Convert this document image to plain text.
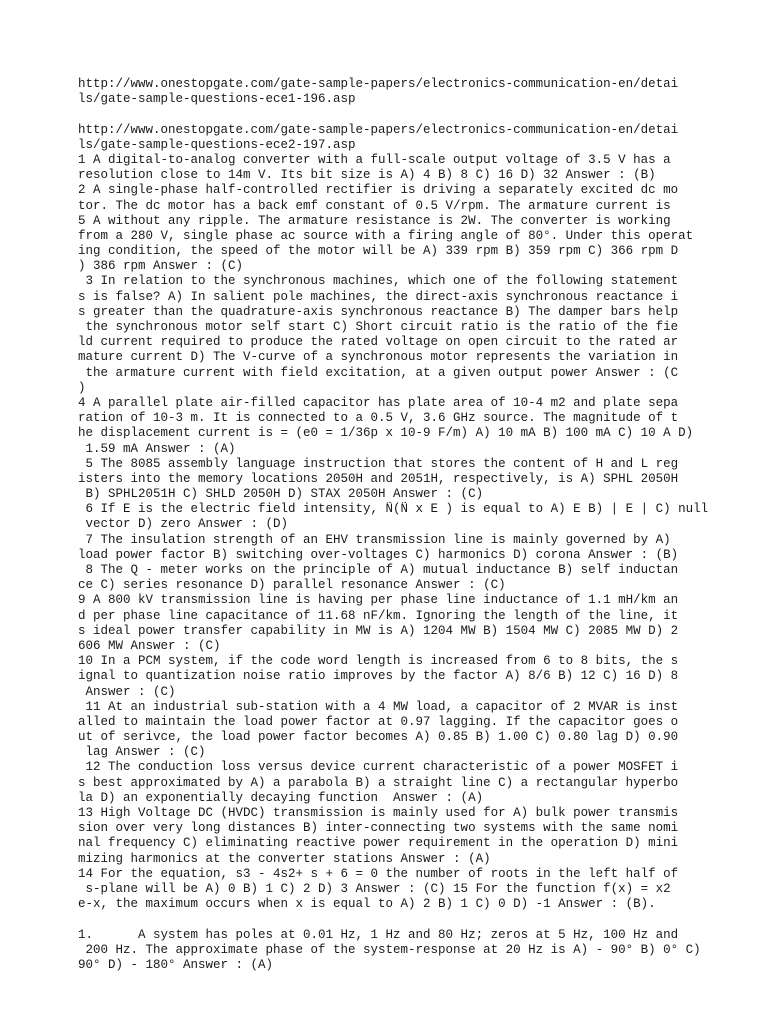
http://www.onestopgate.com/gate-sample-papers/electronics-communication-en/detai
ls/gate-sample-questions-ece1-196.asp
http://www.onestopgate.com/gate-sample-papers/electronics-communication-en/detai
ls/gate-sample-questions-ece2-197.asp
1 A digital-to-analog converter with a full-scale output voltage of 3.5 V has a
resolution close to 14m V. Its bit size is A) 4 B) 8 C) 16 D) 32 Answer : (B)
2 A single-phase half-controlled rectifier is driving a separately excited dc mo
tor. The dc motor has a back emf constant of 0.5 V/rpm. The armature current is
5 A without any ripple. The armature resistance is 2W. The converter is working
from a 280 V, single phase ac source with a firing angle of 80°. Under this operat
ing condition, the speed of the motor will be A) 339 rpm B) 359 rpm C) 366 rpm D
) 386 rpm Answer : (C)
3 In relation to the synchronous machines, which one of the following statement
s is false? A) In salient pole machines, the direct-axis synchronous reactance i
s greater than the quadrature-axis synchronous reactance B) The damper bars help
the synchronous motor self start C) Short circuit ratio is the ratio of the fie
ld current required to produce the rated voltage on open circuit to the rated ar
mature current D) The V-curve of a synchronous motor represents the variation in
the armature current with field excitation, at a given output power Answer : (C
)
4 A parallel plate air-filled capacitor has plate area of 10-4 m2 and plate sepa
ration of 10-3 m. It is connected to a 0.5 V, 3.6 GHz source. The magnitude of t
he displacement current is = (e0 = 1/36p x 10-9 F/m) A) 10 mA B) 100 mA C) 10 A D)
1.59 mA Answer : (A)
5 The 8085 assembly language instruction that stores the content of H and L reg
isters into the memory locations 2050H and 2051H, respectively, is A) SPHL 2050H
B) SPHL2051H C) SHLD 2050H D) STAX 2050H Answer : (C)
6 If E is the electric field intensity, Ñ(Ñ x E ) is equal to A) E B) | E | C) null
vector D) zero Answer : (D)
7 The insulation strength of an EHV transmission line is mainly governed by A)
load power factor B) switching over-voltages C) harmonics D) corona Answer : (B)
8 The Q - meter works on the principle of A) mutual inductance B) self inductan
ce C) series resonance D) parallel resonance Answer : (C)
9 A 800 kV transmission line is having per phase line inductance of 1.1 mH/km an
d per phase line capacitance of 11.68 nF/km. Ignoring the length of the line, it
s ideal power transfer capability in MW is A) 1204 MW B) 1504 MW C) 2085 MW D) 2
606 MW Answer : (C)
10 In a PCM system, if the code word length is increased from 6 to 8 bits, the s
ignal to quantization noise ratio improves by the factor A) 8/6 B) 12 C) 16 D) 8
Answer : (C)
11 At an industrial sub-station with a 4 MW load, a capacitor of 2 MVAR is inst
alled to maintain the load power factor at 0.97 lagging. If the capacitor goes o
ut of serivce, the load power factor becomes A) 0.85 B) 1.00 C) 0.80 lag D) 0.90
lag Answer : (C)
12 The conduction loss versus device current characteristic of a power MOSFET i
s best approximated by A) a parabola B) a straight line C) a rectangular hyperbo
la D) an exponentially decaying function  Answer : (A)
13 High Voltage DC (HVDC) transmission is mainly used for A) bulk power transmis
sion over very long distances B) inter-connecting two systems with the same nomi
nal frequency C) eliminating reactive power requirement in the operation D) mini
mizing harmonics at the converter stations Answer : (A)
14 For the equation, s3 - 4s2+ s + 6 = 0 the number of roots in the left half of
s-plane will be A) 0 B) 1 C) 2 D) 3 Answer : (C) 15 For the function f(x) = x2
e-x, the maximum occurs when x is equal to A) 2 B) 1 C) 0 D) -1 Answer : (B).
1.      A system has poles at 0.01 Hz, 1 Hz and 80 Hz; zeros at 5 Hz, 100 Hz and
200 Hz. The approximate phase of the system-response at 20 Hz is A) - 90° B) 0° C)
90° D) - 180° Answer : (A)
